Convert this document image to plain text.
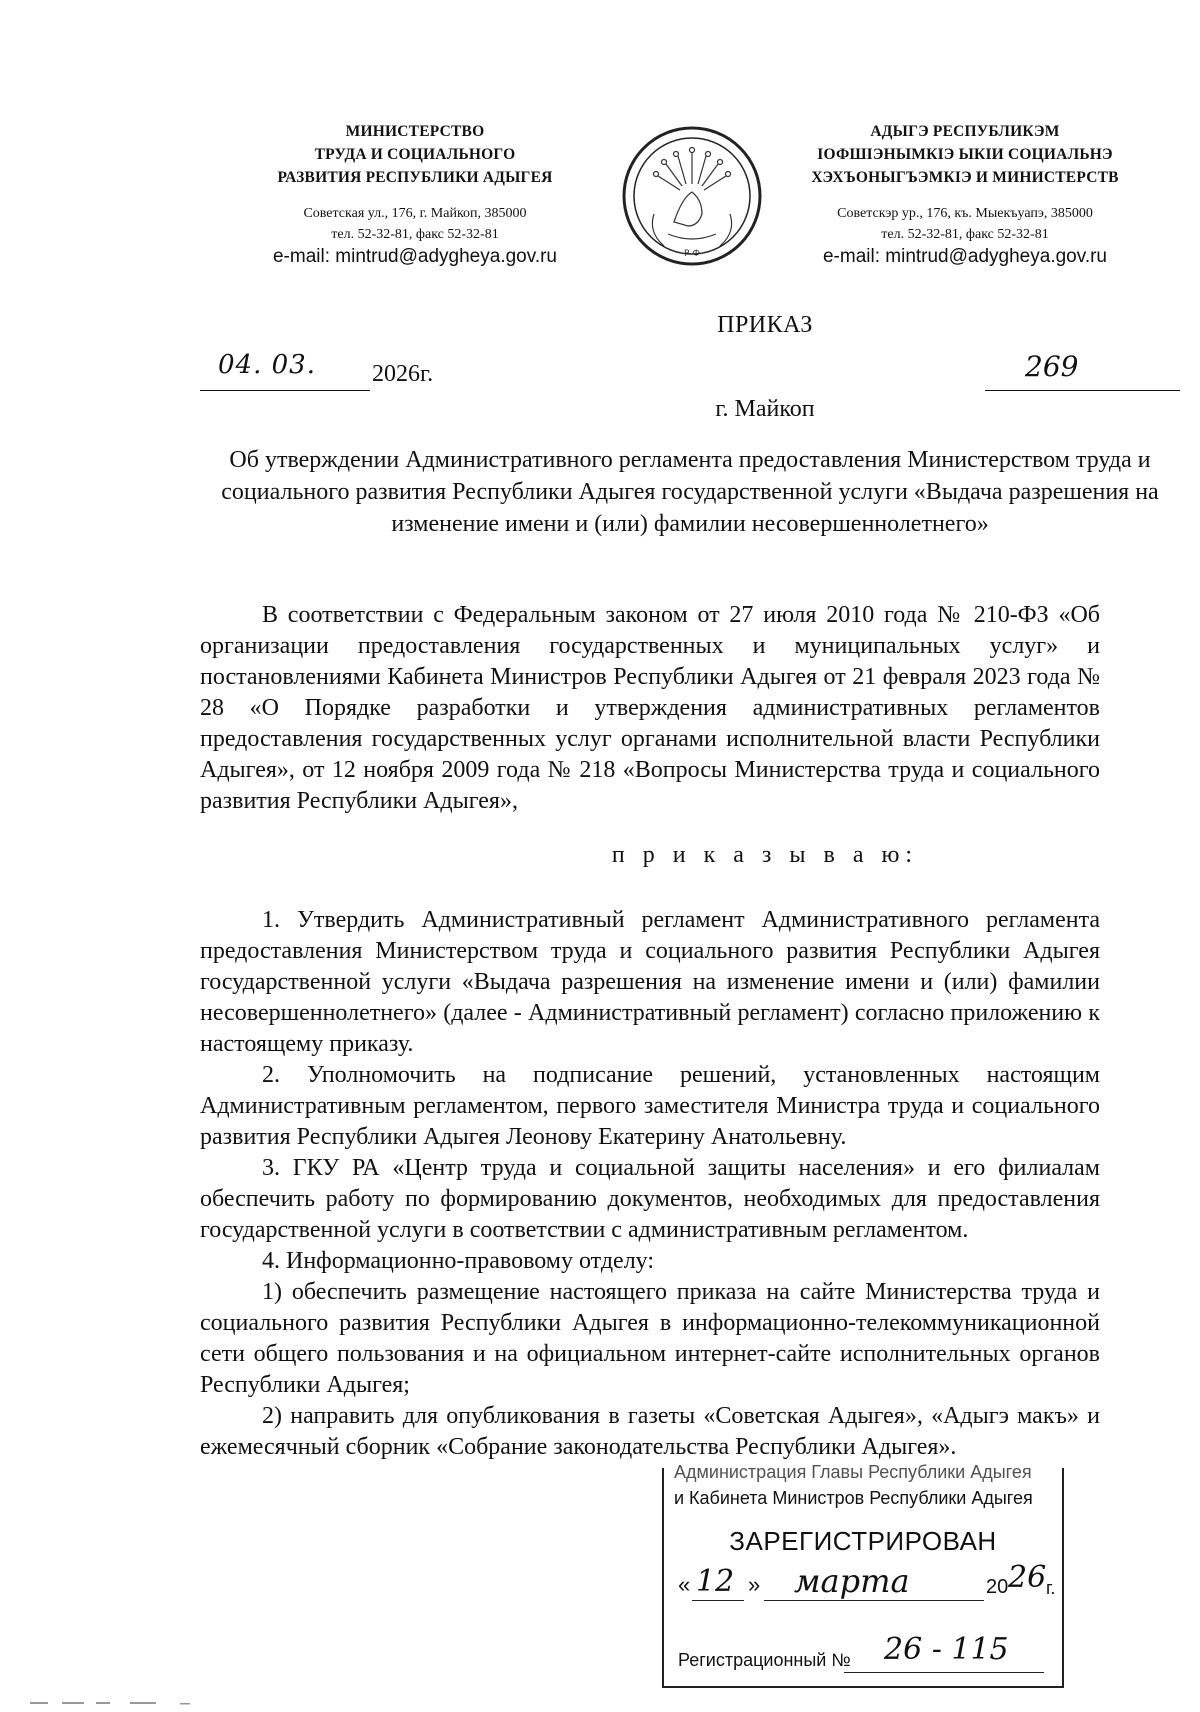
МИНИСТЕРСТВО
ТРУДА И СОЦИАЛЬНОГО
РАЗВИТИЯ РЕСПУБЛИКИ АДЫГЕЯ
Советская ул., 176, г. Майкоп, 385000
тел. 52-32-81, факс 52-32-81
e-mail: mintrud@adygheya.gov.ru	Р Ф
АДЫГЭ РЕСПУБЛИКЭМ
IОФШIЭНЫМКIЭ ЫКIИ СОЦИАЛЬНЭ
ХЭХЪОНЫГЪЭМКIЭ И МИНИСТЕРСТВ
Советскэр ур., 176, къ. Мыекъуапэ, 385000
тел. 52-32-81, факс 52-32-81
e-mail: mintrud@adygheya.gov.ru
ПРИКАЗ
04. 03. 2026г.	269
г. Майкоп
Об утверждении Административного регламента предоставления Министерством труда и социального развития Республики Адыгея государственной услуги «Выдача разрешения на изменение имени и (или) фамилии несовершеннолетнего»

В соответствии с Федеральным законом от 27 июля 2010 года № 210-ФЗ «Об организации предоставления государственных и муниципальных услуг» и постановлениями Кабинета Министров Республики Адыгея от 21 февраля 2023 года № 28 «О Порядке разработки и утверждения административных регламентов предоставления государственных услуг органами исполнительной власти Республики Адыгея», от 12 ноября 2009 года № 218 «Вопросы Министерства труда и социального развития Республики Адыгея»,

п р и к а з ы в а ю:

1. Утвердить Административный регламент Административного регламента предоставления Министерством труда и социального развития Республики Адыгея государственной услуги «Выдача разрешения на изменение имени и (или) фамилии несовершеннолетнего» (далее - Административный регламент) согласно приложению к настоящему приказу.

2. Уполномочить на подписание решений, установленных настоящим Административным регламентом, первого заместителя Министра труда и социального развития Республики Адыгея Леонову Екатерину Анатольевну.

3. ГКУ РА «Центр труда и социальной защиты населения» и его филиалам обеспечить работу по формированию документов, необходимых для предоставления государственной услуги в соответствии с административным регламентом.

4. Информационно-правовому отделу:

1) обеспечить размещение настоящего приказа на сайте Министерства труда и социального развития Республики Адыгея в информационно-телекоммуникационной сети общего пользования и на официальном интернет-сайте исполнительных органов Республики Адыгея;

2) направить для опубликования в газеты «Советская Адыгея», «Адыгэ макъ» и ежемесячный сборник «Собрание законодательства Республики Адыгея».

Администрация Главы Республики Адыгея
и Кабинета Министров Республики Адыгея
ЗАРЕГИСТРИРОВАН
« 12 » марта	20 26 г.
Регистрационный № 26 - 115
